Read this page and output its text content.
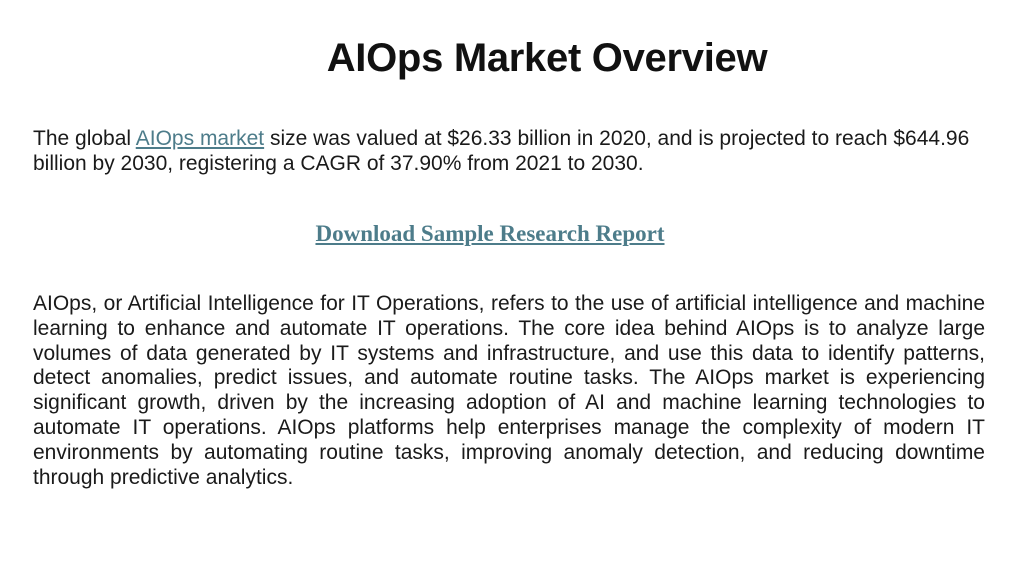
AIOps Market Overview
The global AIOps market size was valued at $26.33 billion in 2020, and is projected to reach $644.96 billion by 2030, registering a CAGR of 37.90% from 2021 to 2030.
Download Sample Research Report
AIOps, or Artificial Intelligence for IT Operations, refers to the use of artificial intelligence and machine learning to enhance and automate IT operations. The core idea behind AIOps is to analyze large volumes of data generated by IT systems and infrastructure, and use this data to identify patterns, detect anomalies, predict issues, and automate routine tasks. The AIOps market is experiencing significant growth, driven by the increasing adoption of AI and machine learning technologies to automate IT operations. AIOps platforms help enterprises manage the complexity of modern IT environments by automating routine tasks, improving anomaly detection, and reducing downtime through predictive analytics.
